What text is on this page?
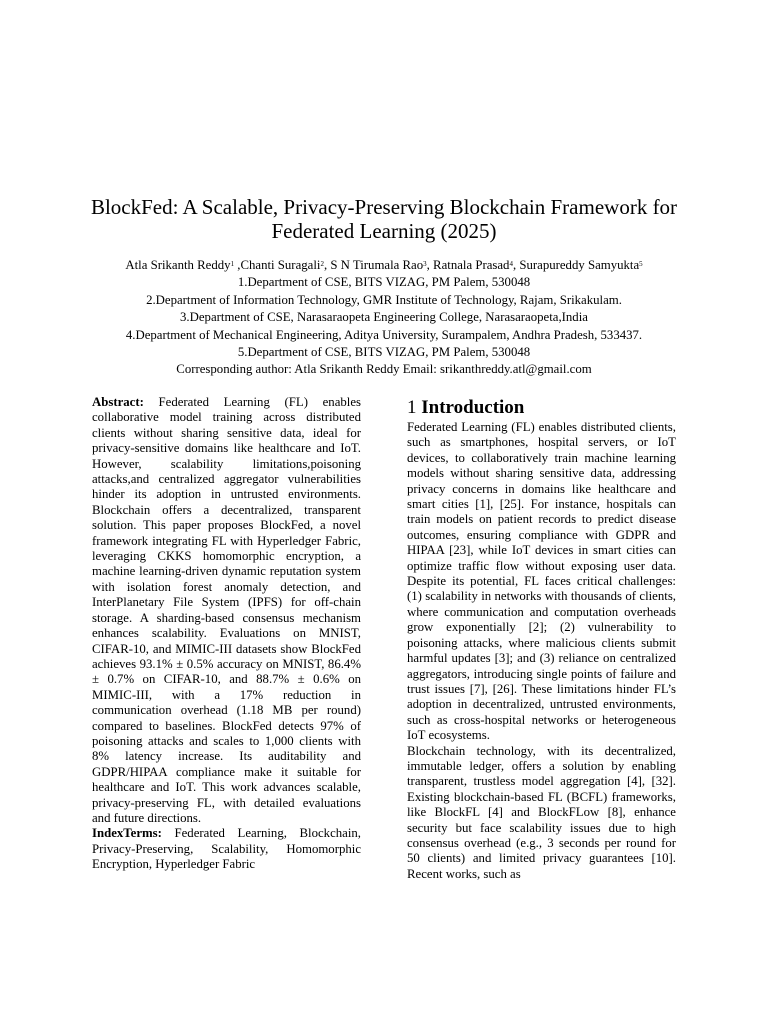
BlockFed: A Scalable, Privacy-Preserving Blockchain Framework for Federated Learning (2025)
Atla Srikanth Reddy$^1$ ,Chanti Suragali$^2$, S N Tirumala Rao$^3$, Ratnala Prasad$^4$, Surapureddy Samyukta$^5$
1.Department of CSE, BITS VIZAG, PM Palem, 530048
2.Department of Information Technology, GMR Institute of Technology, Rajam, Srikakulam.
3.Department of CSE, Narasaraopeta Engineering College, Narasaraopeta,India
4.Department of Mechanical Engineering, Aditya University, Surampalem, Andhra Pradesh, 533437.
5.Department of CSE, BITS VIZAG, PM Palem, 530048
Corresponding author: Atla Srikanth Reddy Email: srikanthreddy.atl@gmail.com

Abstract: Federated Learning (FL) enables collaborative model training across distributed clients without sharing sensitive data, ideal for privacy-sensitive domains like healthcare and IoT. However, scalability limitations,poisoning attacks,and centralized aggregator vulnerabilities hinder its adoption in untrusted environments. Blockchain offers a decentralized, transparent solution. This paper proposes BlockFed, a novel framework integrating FL with Hyperledger Fabric, leveraging CKKS homomorphic encryption, a machine learning-driven dynamic reputation system with isolation forest anomaly detection, and InterPlanetary File System (IPFS) for off-chain storage. A sharding-based consensus mechanism enhances scalability. Evaluations on MNIST, CIFAR-10, and MIMIC-III datasets show BlockFed achieves 93.1% ± 0.5% accuracy on MNIST, 86.4% ± 0.7% on CIFAR-10, and 88.7% ± 0.6% on MIMIC-III, with a 17% reduction in communication overhead (1.18 MB per round) compared to baselines. BlockFed detects 97% of poisoning attacks and scales to 1,000 clients with 8% latency increase. Its auditability and GDPR/HIPAA compliance make it suitable for healthcare and IoT. This work advances scalable, privacy-preserving FL, with detailed evaluations and future directions.

IndexTerms: Federated Learning, Blockchain, Privacy-Preserving, Scalability, Homomorphic Encryption, Hyperledger Fabric

1 Introduction

Federated Learning (FL) enables distributed clients, such as smartphones, hospital servers, or IoT devices, to collaboratively train machine learning models without sharing sensitive data, addressing privacy concerns in domains like healthcare and smart cities [1], [25]. For instance, hospitals can train models on patient records to predict disease outcomes, ensuring compliance with GDPR and HIPAA [23], while IoT devices in smart cities can optimize traffic flow without exposing user data. Despite its potential, FL faces critical challenges: (1) scalability in networks with thousands of clients, where communication and computation overheads grow exponentially [2]; (2) vulnerability to poisoning attacks, where malicious clients submit harmful updates [3]; and (3) reliance on centralized aggregators, introducing single points of failure and trust issues [7], [26]. These limitations hinder FL’s adoption in decentralized, untrusted environments, such as cross-hospital networks or heterogeneous IoT ecosystems.

Blockchain technology, with its decentralized, immutable ledger, offers a solution by enabling transparent, trustless model aggregation [4], [32]. Existing blockchain-based FL (BCFL) frameworks, like BlockFL [4] and BlockFLow [8], enhance security but face scalability issues due to high consensus overhead (e.g., 3 seconds per round for 50 clients) and limited privacy guarantees [10]. Recent works, such as
